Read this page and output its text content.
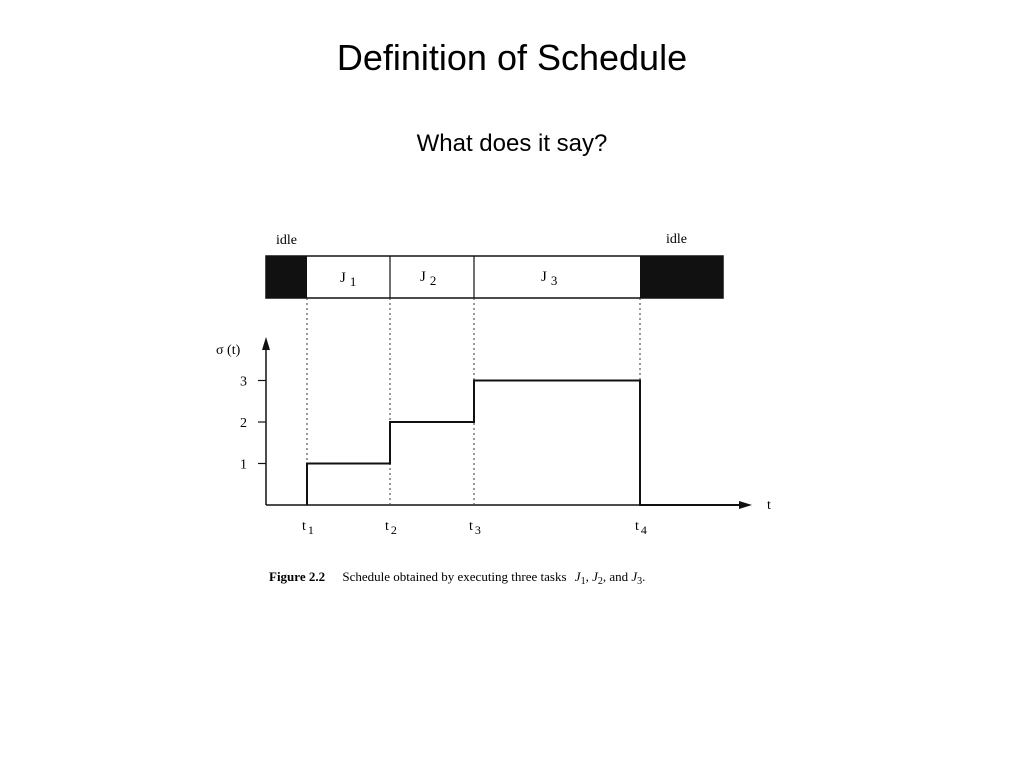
Definition of Schedule
What does it say?
idle	idle
J 1	J 2	J 3
σ (t)
t
1
2
3
t 1	t 2	t 3	t 4
Figure 2.2 Schedule obtained by executing three tasks $J_1$, $J_2$, and $J_3$.
